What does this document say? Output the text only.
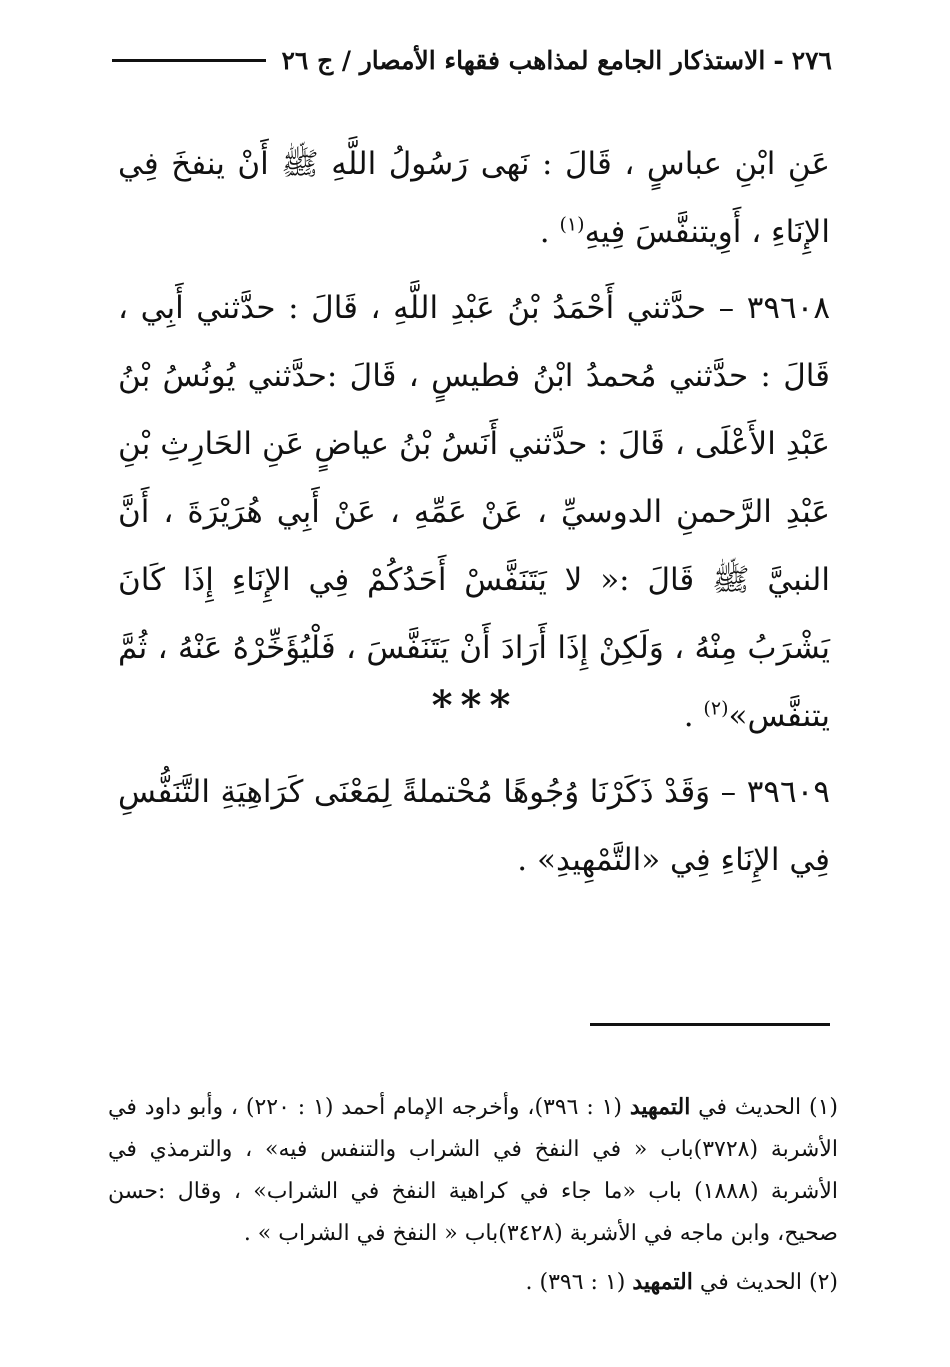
٢٧٦
-
الاستذكار الجامع لمذاهب فقهاء الأمصار / ج ٢٦

عَنِ ابْنِ عباسٍ ، قَالَ : نَهى رَسُولُ اللَّهِ ﷺ أَنْ ينفخَ فِي الإِنَاءِ ، أَوِيتنفَّسَ فِيهِ$^{(١)}$ .

٣٩٦٠٨ – حدَّثني أَحْمَدُ بْنُ عَبْدِ اللَّهِ ، قَالَ : حدَّثني أَبِي ، قَالَ : حدَّثني مُحمدُ ابْنُ فطيسٍ ، قَالَ :حدَّثني يُونُسُ بْنُ عَبْدِ الأَعْلَى ، قَالَ : حدَّثني أَنَسُ بْنُ عياضٍ عَنِ الحَارِثِ بْنِ عَبْدِ الرَّحمنِ الدوسيِّ ، عَنْ عَمِّهِ ، عَنْ أَبِي هُرَيْرَةَ ، أَنَّ النبيَّ ﷺ قَالَ :« لا يَتَنَفَّسْ أَحَدُكُمْ فِي الإِنَاءِ إِذَا كَانَ يَشْرَبُ مِنْهُ ، وَلَكِنْ إِذَا أَرَادَ أَنْ يَتَنَفَّسَ ، فَلْيُؤَخِّرْهُ عَنْهُ ، ثُمَّ يتنفَّس»$^{(٢)}$ .

٣٩٦٠٩ – وَقَدْ ذَكَرْنَا وُجُوهًا مُحْتملةً لِمَعْنَى كَرَاهِيَةِ التَّنَفُّسِ فِي الإِنَاءِ فِي «التَّمْهِيدِ» .

***

(١) الحديث في التمهيد (١ : ٣٩٦)، وأخرجه الإمام أحمد (١ : ٢٢٠) ، وأبو داود في الأشربة (٣٧٢٨)باب « في النفخ في الشراب والتنفس فيه» ، والترمذي في الأشربة (١٨٨٨) باب «ما جاء في كراهية النفخ في الشراب» ، وقال :حسن صحيح، وابن ماجه في الأشربة (٣٤٢٨)باب « النفخ في الشراب » .

(٢) الحديث في التمهيد (١ : ٣٩٦) .
